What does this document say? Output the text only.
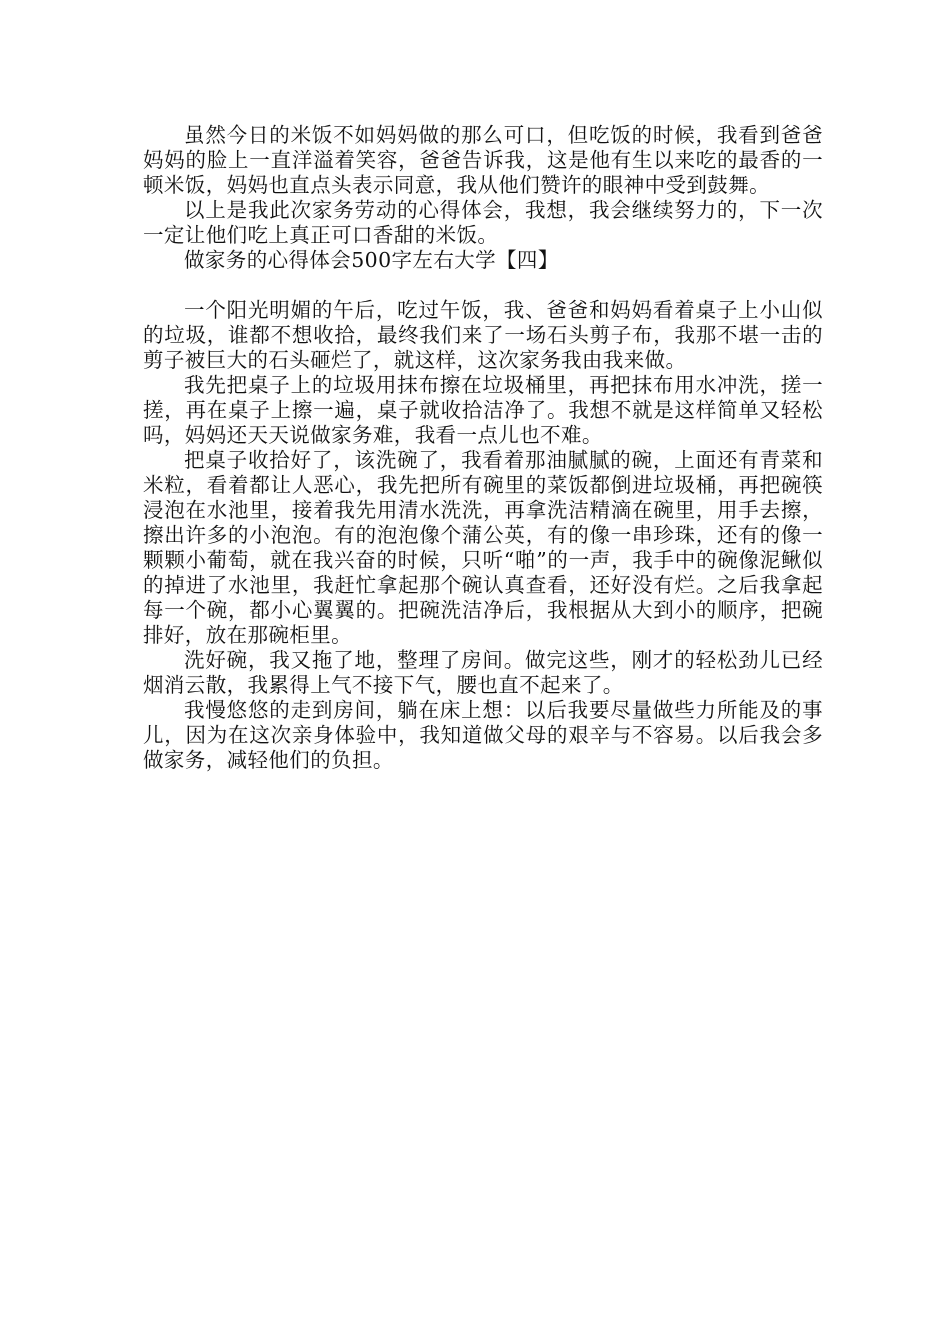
虽然今日的米饭不如妈妈做的那么可口，但吃饭的时候，我看到爸爸妈妈的脸上一直洋溢着笑容，爸爸告诉我，这是他有生以来吃的最香的一顿米饭，妈妈也直点头表示同意，我从他们赞许的眼神中受到鼓舞。

以上是我此次家务劳动的心得体会，我想，我会继续努力的，下一次一定让他们吃上真正可口香甜的米饭。

做家务的心得体会500字左右大学【四】

一个阳光明媚的午后，吃过午饭，我、爸爸和妈妈看着桌子上小山似的垃圾，谁都不想收拾，最终我们来了一场石头剪子布，我那不堪一击的剪子被巨大的石头砸烂了，就这样，这次家务我由我来做。

我先把桌子上的垃圾用抹布擦在垃圾桶里，再把抹布用水冲洗，搓一搓，再在桌子上擦一遍，桌子就收拾洁净了。我想不就是这样简单又轻松吗，妈妈还天天说做家务难，我看一点儿也不难。

把桌子收拾好了，该洗碗了，我看着那油腻腻的碗，上面还有青菜和米粒，看着都让人恶心，我先把所有碗里的菜饭都倒进垃圾桶，再把碗筷浸泡在水池里，接着我先用清水洗洗，再拿洗洁精滴在碗里，用手去擦，擦出许多的小泡泡。有的泡泡像个蒲公英，有的像一串珍珠，还有的像一颗颗小葡萄，就在我兴奋的时候，只听“啪”的一声，我手中的碗像泥鳅似的掉进了水池里，我赶忙拿起那个碗认真查看，还好没有烂。之后我拿起每一个碗，都小心翼翼的。把碗洗洁净后，我根据从大到小的顺序，把碗排好，放在那碗柜里。

洗好碗，我又拖了地，整理了房间。做完这些，刚才的轻松劲儿已经烟消云散，我累得上气不接下气，腰也直不起来了。

我慢悠悠的走到房间，躺在床上想：以后我要尽量做些力所能及的事儿，因为在这次亲身体验中，我知道做父母的艰辛与不容易。以后我会多做家务，减轻他们的负担。
